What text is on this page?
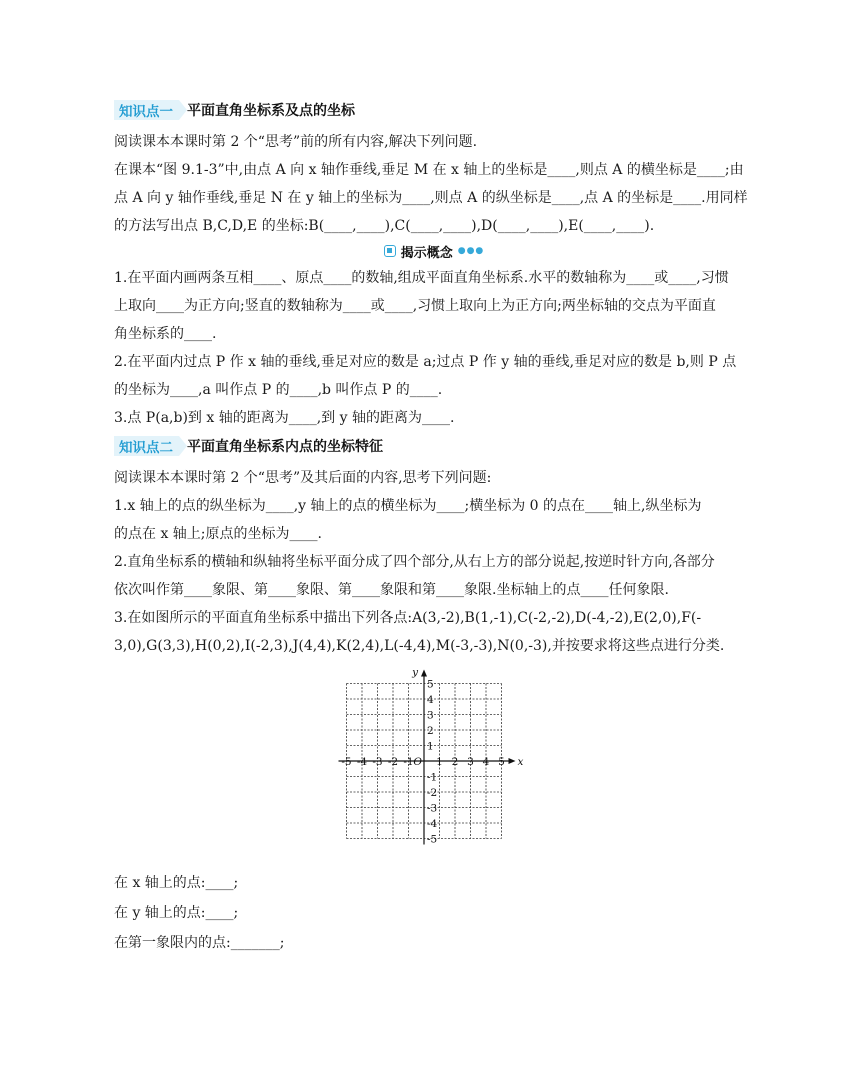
知识点一	平面直角坐标系及点的坐标

阅读课本本课时第 2 个“思考”前的所有内容,解决下列问题.

在课本“图 9.1-3”中,由点 A 向 x 轴作垂线,垂足 M 在 x 轴上的坐标是____,则点 A 的横坐标是____;由

点 A 向 y 轴作垂线,垂足 N 在 y 轴上的坐标为____,则点 A 的纵坐标是____,点 A 的坐标是____.用同样

的方法写出点 B,C,D,E 的坐标:B(____,____),C(____,____),D(____,____),E(____,____).

揭示概念 ●●●

1.在平面内画两条互相____、原点____的数轴,组成平面直角坐标系.水平的数轴称为____或____,习惯

上取向____为正方向;竖直的数轴称为____或____,习惯上取向上为正方向;两坐标轴的交点为平面直

角坐标系的____.

2.在平面内过点 P 作 x 轴的垂线,垂足对应的数是 a;过点 P 作 y 轴的垂线,垂足对应的数是 b,则 P 点

的坐标为____,a 叫作点 P 的____,b 叫作点 P 的____.

3.点 P(a,b)到 x 轴的距离为____,到 y 轴的距离为____.

知识点二	平面直角坐标系内点的坐标特征

阅读课本本课时第 2 个“思考”及其后面的内容,思考下列问题:

1.x 轴上的点的纵坐标为____,y 轴上的点的横坐标为____;横坐标为 0 的点在____轴上,纵坐标为

的点在 x 轴上;原点的坐标为____.

2.直角坐标系的横轴和纵轴将坐标平面分成了四个部分,从右上方的部分说起,按逆时针方向,各部分

依次叫作第____象限、第____象限、第____象限和第____象限.坐标轴上的点____任何象限.

3.在如图所示的平面直角坐标系中描出下列各点:A(3,-2),B(1,-1),C(-2,-2),D(-4,-2),E(2,0),F(-

3,0),G(3,3),H(0,2),I(-2,3),J(4,4),K(2,4),L(-4,4),M(-3,-3),N(0,-3),并按要求将这些点进行分类.

-5 -4 -3 -2 -1 1 2 3 4 5
5
4
3
2
1
-1
-2
-3
-4
-5
O	x
y

在 x 轴上的点:____;

在 y 轴上的点:____;

在第一象限内的点:_______;
